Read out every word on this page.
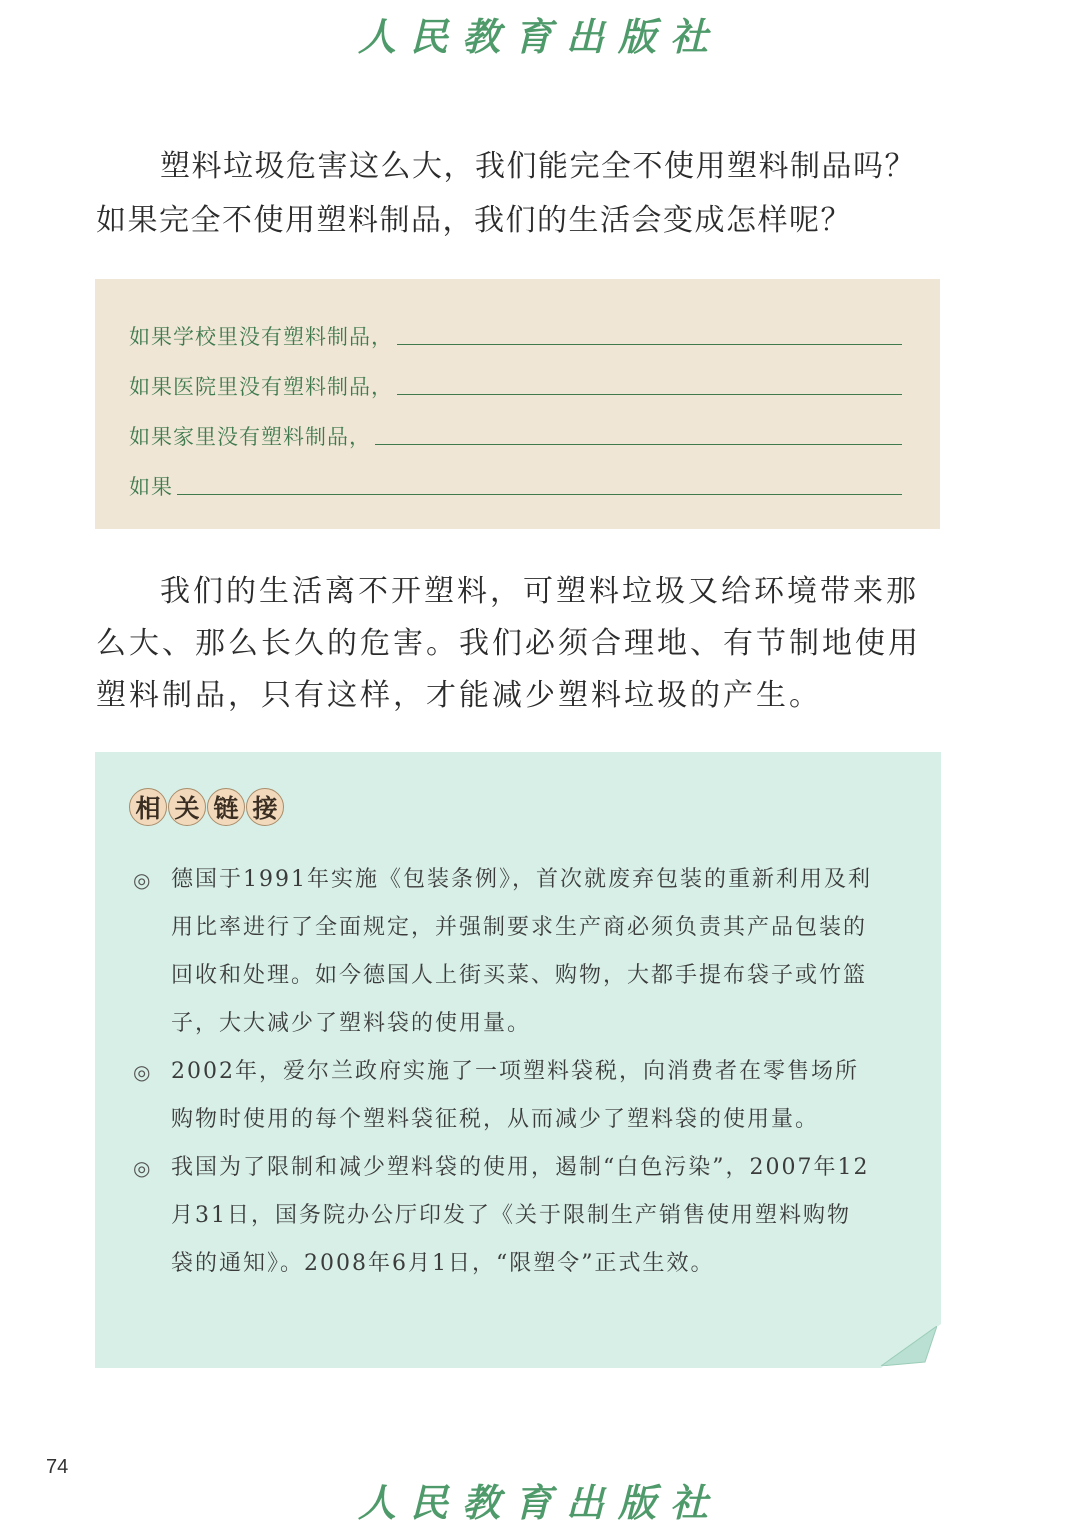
人民教育出版社

塑料垃圾危害这么大，我们能完全不使用塑料制品吗？如果完全不使用塑料制品，我们的生活会变成怎样呢？

如果学校里没有塑料制品，
如果医院里没有塑料制品，
如果家里没有塑料制品，
如果

我们的生活离不开塑料，可塑料垃圾又给环境带来那么大、那么长久的危害。我们必须合理地、有节制地使用塑料制品，只有这样，才能减少塑料垃圾的产生。

相 关 链 接
◎ 德国于1991年实施《包装条例》，首次就废弃包装的重新利用及利用比率进行了全面规定，并强制要求生产商必须负责其产品包装的回收和处理。如今德国人上街买菜、购物，大都手提布袋子或竹篮子，大大减少了塑料袋的使用量。
◎ 2002年，爱尔兰政府实施了一项塑料袋税，向消费者在零售场所购物时使用的每个塑料袋征税，从而减少了塑料袋的使用量。
◎ 我国为了限制和减少塑料袋的使用，遏制“白色污染”，2007年12月31日，国务院办公厅印发了《关于限制生产销售使用塑料购物袋的通知》。2008年6月1日，“限塑令”正式生效。
74
人民教育出版社
